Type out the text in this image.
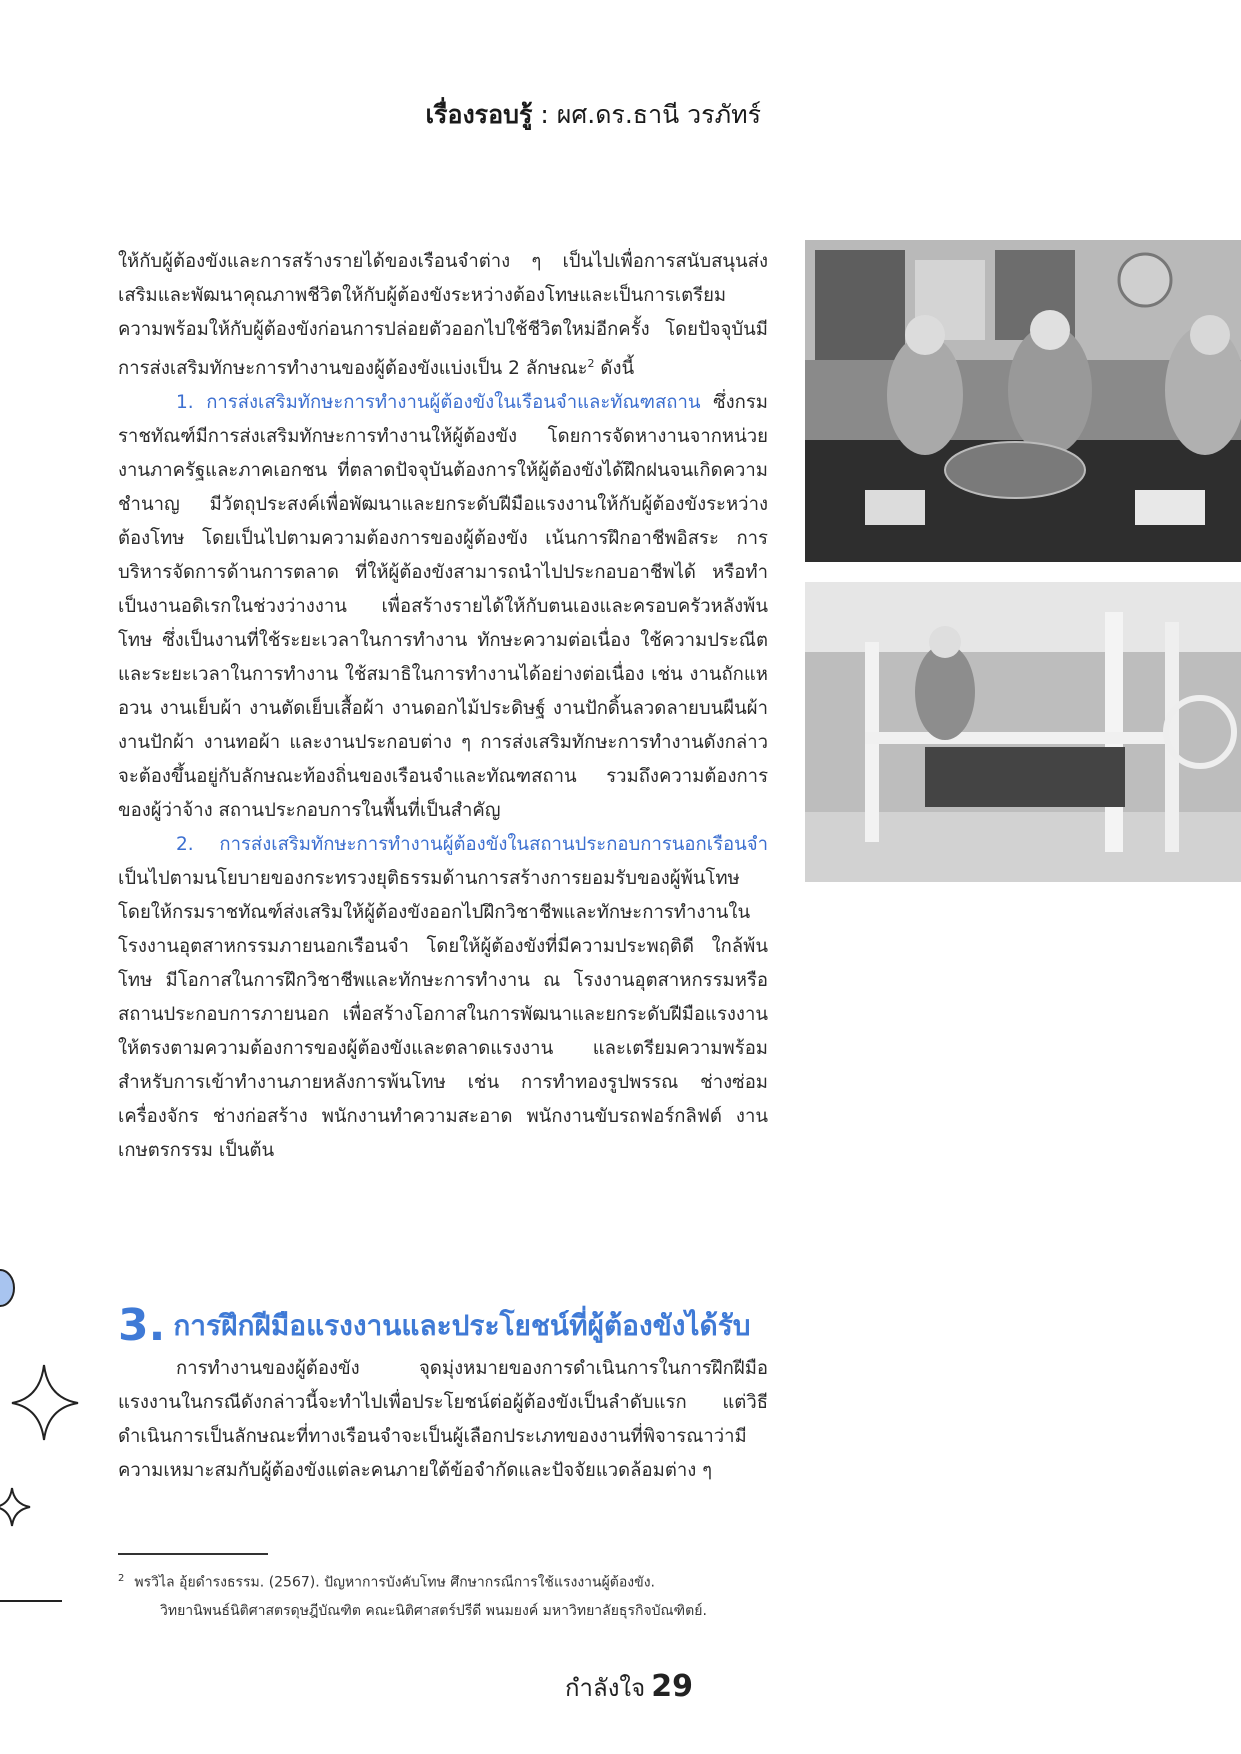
เรื่องรอบรู้ : ผศ.ดร.ธานี วรภัทร์

ให้กับผู้ต้องขังและการสร้างรายได้ของเรือนจำต่าง ๆ เป็นไปเพื่อการสนับสนุนส่งเสริมและพัฒนาคุณภาพชีวิตให้กับผู้ต้องขังระหว่างต้องโทษและเป็นการเตรียมความพร้อมให้กับผู้ต้องขังก่อนการปล่อยตัวออกไปใช้ชีวิตใหม่อีกครั้ง โดยปัจจุบันมีการส่งเสริมทักษะการทำงานของผู้ต้องขังแบ่งเป็น 2 ลักษณะ$^2$ ดังนี้

1. การส่งเสริมทักษะการทำงานผู้ต้องขังในเรือนจำและทัณฑสถาน ซึ่งกรมราชทัณฑ์มีการส่งเสริมทักษะการทำงานให้ผู้ต้องขัง โดยการจัดหางานจากหน่วยงานภาครัฐและภาคเอกชน ที่ตลาดปัจจุบันต้องการให้ผู้ต้องขังได้ฝึกฝนจนเกิดความชำนาญ มีวัตถุประสงค์เพื่อพัฒนาและยกระดับฝีมือแรงงานให้กับผู้ต้องขังระหว่างต้องโทษ โดยเป็นไปตามความต้องการของผู้ต้องขัง เน้นการฝึกอาชีพอิสระ การบริหารจัดการด้านการตลาด ที่ให้ผู้ต้องขังสามารถนำไปประกอบอาชีพได้ หรือทำเป็นงานอดิเรกในช่วงว่างงาน เพื่อสร้างรายได้ให้กับตนเองและครอบครัวหลังพ้นโทษ ซึ่งเป็นงานที่ใช้ระยะเวลาในการทำงาน ทักษะความต่อเนื่อง ใช้ความประณีตและระยะเวลาในการทำงาน ใช้สมาธิในการทำงานได้อย่างต่อเนื่อง เช่น งานถักแหอวน งานเย็บผ้า งานตัดเย็บเสื้อผ้า งานดอกไม้ประดิษฐ์ งานปักดิ้นลวดลายบนผืนผ้า งานปักผ้า งานทอผ้า และงานประกอบต่าง ๆ การส่งเสริมทักษะการทำงานดังกล่าวจะต้องขึ้นอยู่กับลักษณะท้องถิ่นของเรือนจำและทัณฑสถาน รวมถึงความต้องการของผู้ว่าจ้าง สถานประกอบการในพื้นที่เป็นสำคัญ

2. การส่งเสริมทักษะการทำงานผู้ต้องขังในสถานประกอบการนอกเรือนจำ เป็นไปตามนโยบายของกระทรวงยุติธรรมด้านการสร้างการยอมรับของผู้พ้นโทษ โดยให้กรมราชทัณฑ์ส่งเสริมให้ผู้ต้องขังออกไปฝึกวิชาชีพและทักษะการทำงานในโรงงานอุตสาหกรรมภายนอกเรือนจำ โดยให้ผู้ต้องขังที่มีความประพฤติดี ใกล้พ้นโทษ มีโอกาสในการฝึกวิชาชีพและทักษะการทำงาน ณ โรงงานอุตสาหกรรมหรือสถานประกอบการภายนอก เพื่อสร้างโอกาสในการพัฒนาและยกระดับฝีมือแรงงานให้ตรงตามความต้องการของผู้ต้องขังและตลาดแรงงาน และเตรียมความพร้อมสำหรับการเข้าทำงานภายหลังการพ้นโทษ เช่น การทำทองรูปพรรณ ช่างซ่อมเครื่องจักร ช่างก่อสร้าง พนักงานทำความสะอาด พนักงานขับรถฟอร์กลิฟต์ งานเกษตรกรรม เป็นต้น

3. การฝึกฝีมือแรงงานและประโยชน์ที่ผู้ต้องขังได้รับ

การทำงานของผู้ต้องขัง จุดมุ่งหมายของการดำเนินการในการฝึกฝีมือแรงงานในกรณีดังกล่าวนี้จะทำไปเพื่อประโยชน์ต่อผู้ต้องขังเป็นลำดับแรก แต่วิธีดำเนินการเป็นลักษณะที่ทางเรือนจำจะเป็นผู้เลือกประเภทของงานที่พิจารณาว่ามีความเหมาะสมกับผู้ต้องขังแต่ละคนภายใต้ข้อจำกัดและปัจจัยแวดล้อมต่าง ๆ

$^2$ พรวิไล อุ้ยดำรงธรรม. (2567). ปัญหาการบังคับโทษ ศึกษากรณีการใช้แรงงานผู้ต้องขัง.
วิทยานิพนธ์นิติศาสตรดุษฎีบัณฑิต คณะนิติศาสตร์ปรีดี พนมยงค์ มหาวิทยาลัยธุรกิจบัณฑิตย์.
กำลังใจ 29
